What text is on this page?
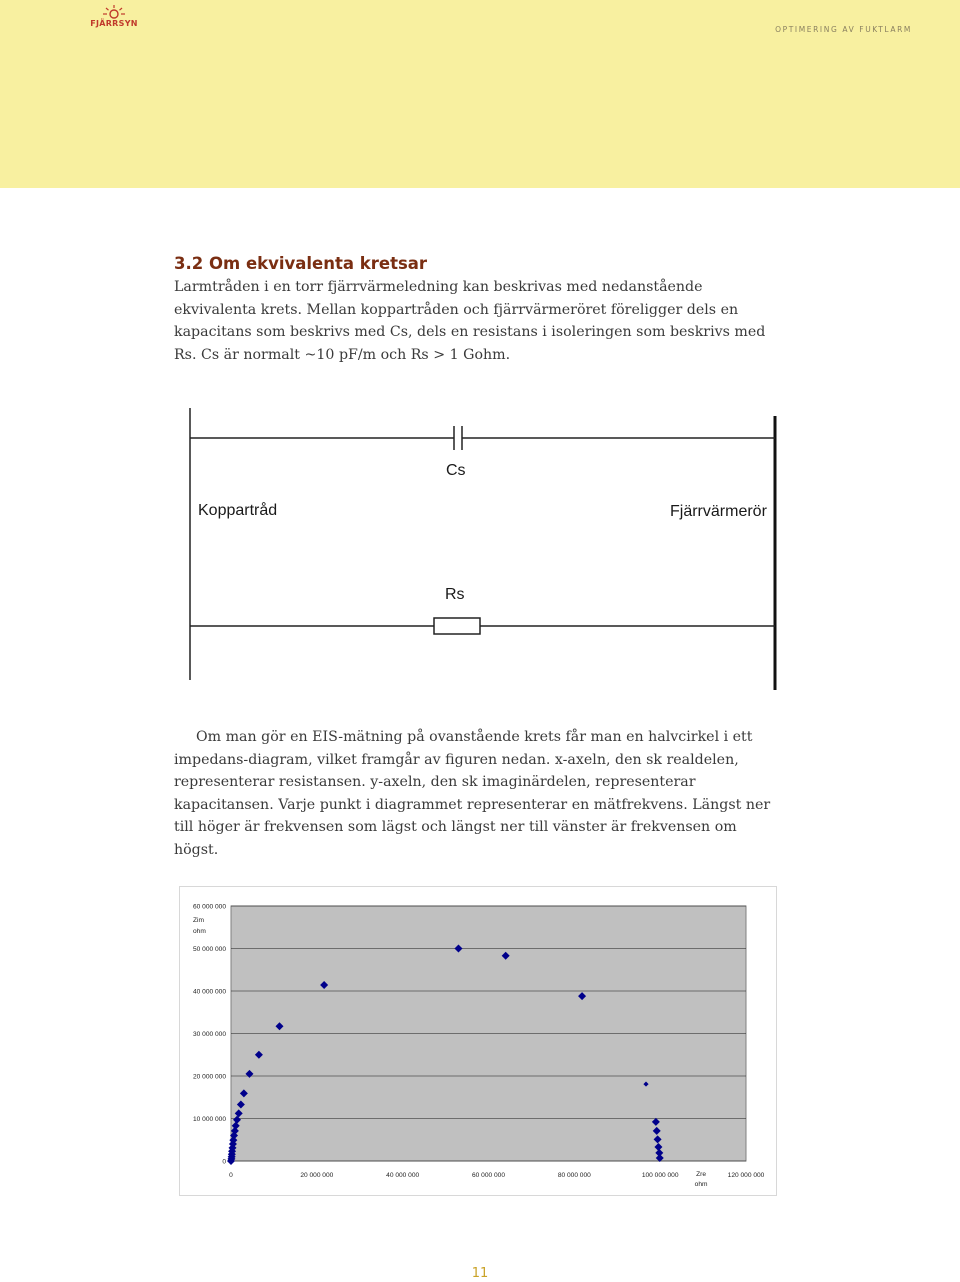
FJÄRRSYN
OPTIMERING AV FUKTLARM
3.2 Om ekvivalenta kretsar

Larmtråden i en torr fjärrvärmeledning kan beskrivas med nedanstående ekvivalenta krets. Mellan koppartråden och fjärrvärmeröret föreligger dels en kapacitans som beskrivs med Cs, dels en resistans i isoleringen som beskrivs med Rs. Cs är normalt ~10 pF/m och Rs > 1 Gohm.

Cs
Rs
Koppartråd	Fjärrvärmerör

Om man gör en EIS-mätning på ovanstående krets får man en halvcirkel i ett impedans-diagram, vilket framgår av figuren nedan. x-axeln, den sk realdelen, representerar resistansen. y-axeln, den sk imaginärdelen, representerar kapacitansen. Varje punkt i diagrammet representerar en mätfrekvens. Längst ner till höger är frekvensen som lägst och längst ner till vänster är frekvensen om högst.

0
10 000 000
20 000 000
30 000 000
40 000 000
50 000 000
60 000 000
0	20 000 000	40 000 000	60 000 000	80 000 000	100 000 000	120 000 000
Zim
ohm
Zre
ohm
11
